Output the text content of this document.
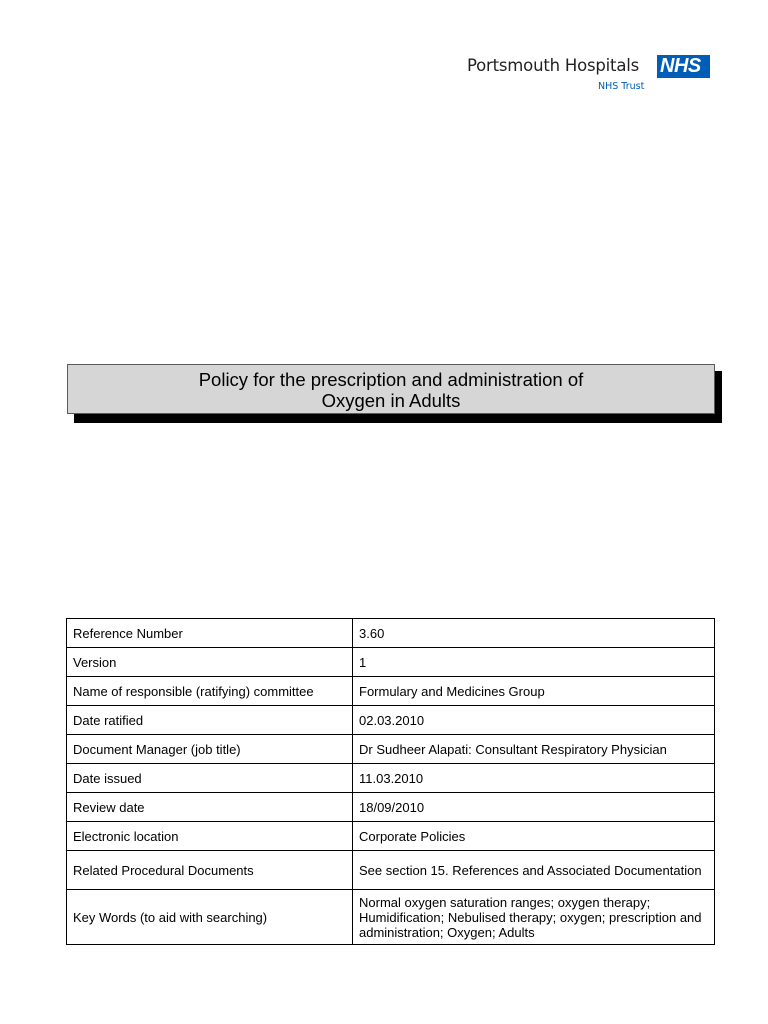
Portsmouth Hospitals NHS
NHS Trust
Policy for the prescription and administration of
Oxygen in Adults
Reference Number	3.60
Version	1
Name of responsible (ratifying) committee	Formulary and Medicines Group
Date ratified	02.03.2010
Document Manager (job title)	Dr Sudheer Alapati: Consultant Respiratory Physician
Date issued	11.03.2010
Review date	18/09/2010
Electronic location	Corporate Policies
Related Procedural Documents	See section 15. References and Associated Documentation
Key Words (to aid with searching)	Normal oxygen saturation ranges; oxygen therapy; Humidification; Nebulised therapy; oxygen; prescription and administration; Oxygen; Adults
